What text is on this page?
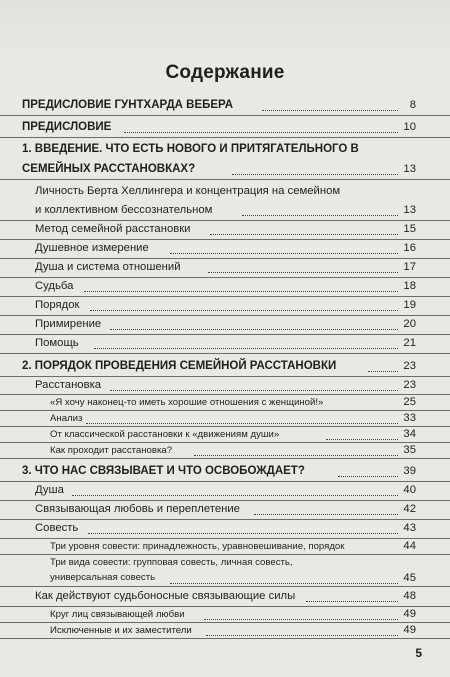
Содержание
ПРЕДИСЛОВИЕ ГУНТХАРДА ВЕБЕРА	8
ПРЕДИСЛОВИЕ	10
1. ВВЕДЕНИЕ. ЧТО ЕСТЬ НОВОГО И ПРИТЯГАТЕЛЬНОГО В
СЕМЕЙНЫХ РАССТАНОВКАХ?	13
Личность Берта Хеллингера и концентрация на семейном
и коллективном бессознательном	13
Метод семейной расстановки	15
Душевное измерение	16
Душа и система отношений	17
Судьба	18
Порядок	19
Примирение	20
Помощь	21
2. ПОРЯДОК ПРОВЕДЕНИЯ СЕМЕЙНОЙ РАССТАНОВКИ	23
Расстановка	23
«Я хочу наконец-то иметь хорошие отношения с женщиной!»	25
Анализ	33
От классической расстановки к «движениям души»	34
Как проходит расстановка?	35
3. ЧТО НАС СВЯЗЫВАЕТ И ЧТО ОСВОБОЖДАЕТ?	39
Душа	40
Связывающая любовь и переплетение	42
Совесть	43
Три уровня совести: принадлежность, уравновешивание, порядок	44
Три вида совести: групповая совесть, личная совесть,
универсальная совесть	45
Как действуют судьбоносные связывающие силы	48
Круг лиц связывающей любви	49
Исключенные и их заместители	49
5
